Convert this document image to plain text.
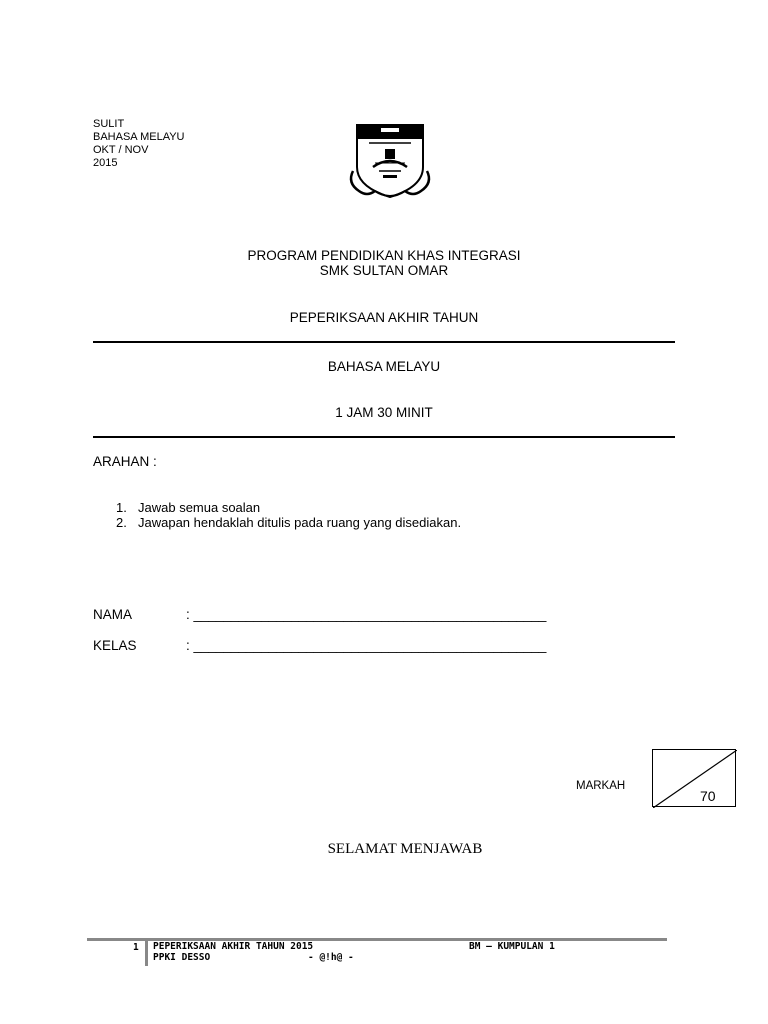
SULIT
BAHASA MELAYU
OKT / NOV
2015
PROGRAM PENDIDIKAN KHAS INTEGRASI
SMK SULTAN OMAR
PEPERIKSAAN AKHIR TAHUN
BAHASA MELAYU
1 JAM 30 MINIT
ARAHAN :
1. Jawab semua soalan
2. Jawapan hendaklah ditulis pada ruang yang disediakan.
NAMA	: _______________________________________________
KELAS	: _______________________________________________
MARKAH
70
SELAMAT MENJAWAB
1 PEPERIKSAAN AKHIR TAHUN 2015	BM – KUMPULAN 1
PPKI DESSO	- @!h@ -
